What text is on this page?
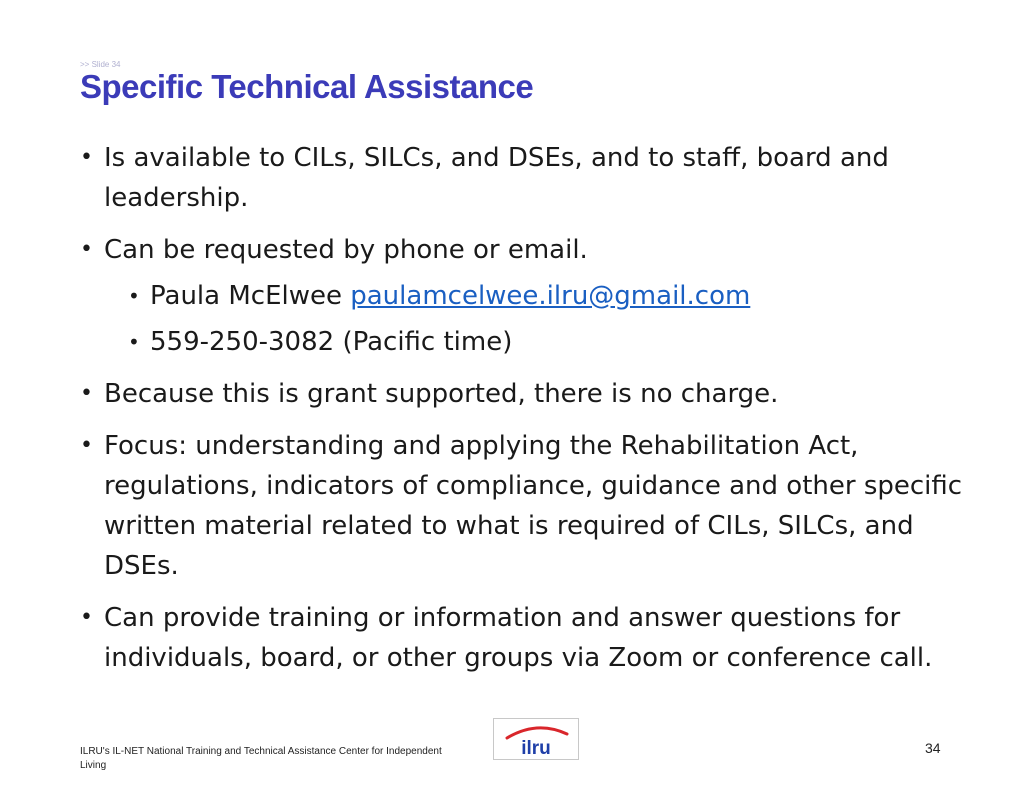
>> Slide 34
Specific Technical Assistance
• Is available to CILs, SILCs, and DSEs, and to staff, board and leadership.
• Can be requested by phone or email.
• Paula McElwee paulamcelwee.ilru@gmail.com
• 559-250-3082 (Pacific time)
• Because this is grant supported, there is no charge.
• Focus: understanding and applying the Rehabilitation Act, regulations, indicators of compliance, guidance and other specific written material related to what is required of CILs, SILCs, and DSEs.
• Can provide training or information and answer questions for individuals, board, or other groups via Zoom or conference call.
ILRU's IL-NET National Training and Technical Assistance Center for Independent Living
ilru	34
